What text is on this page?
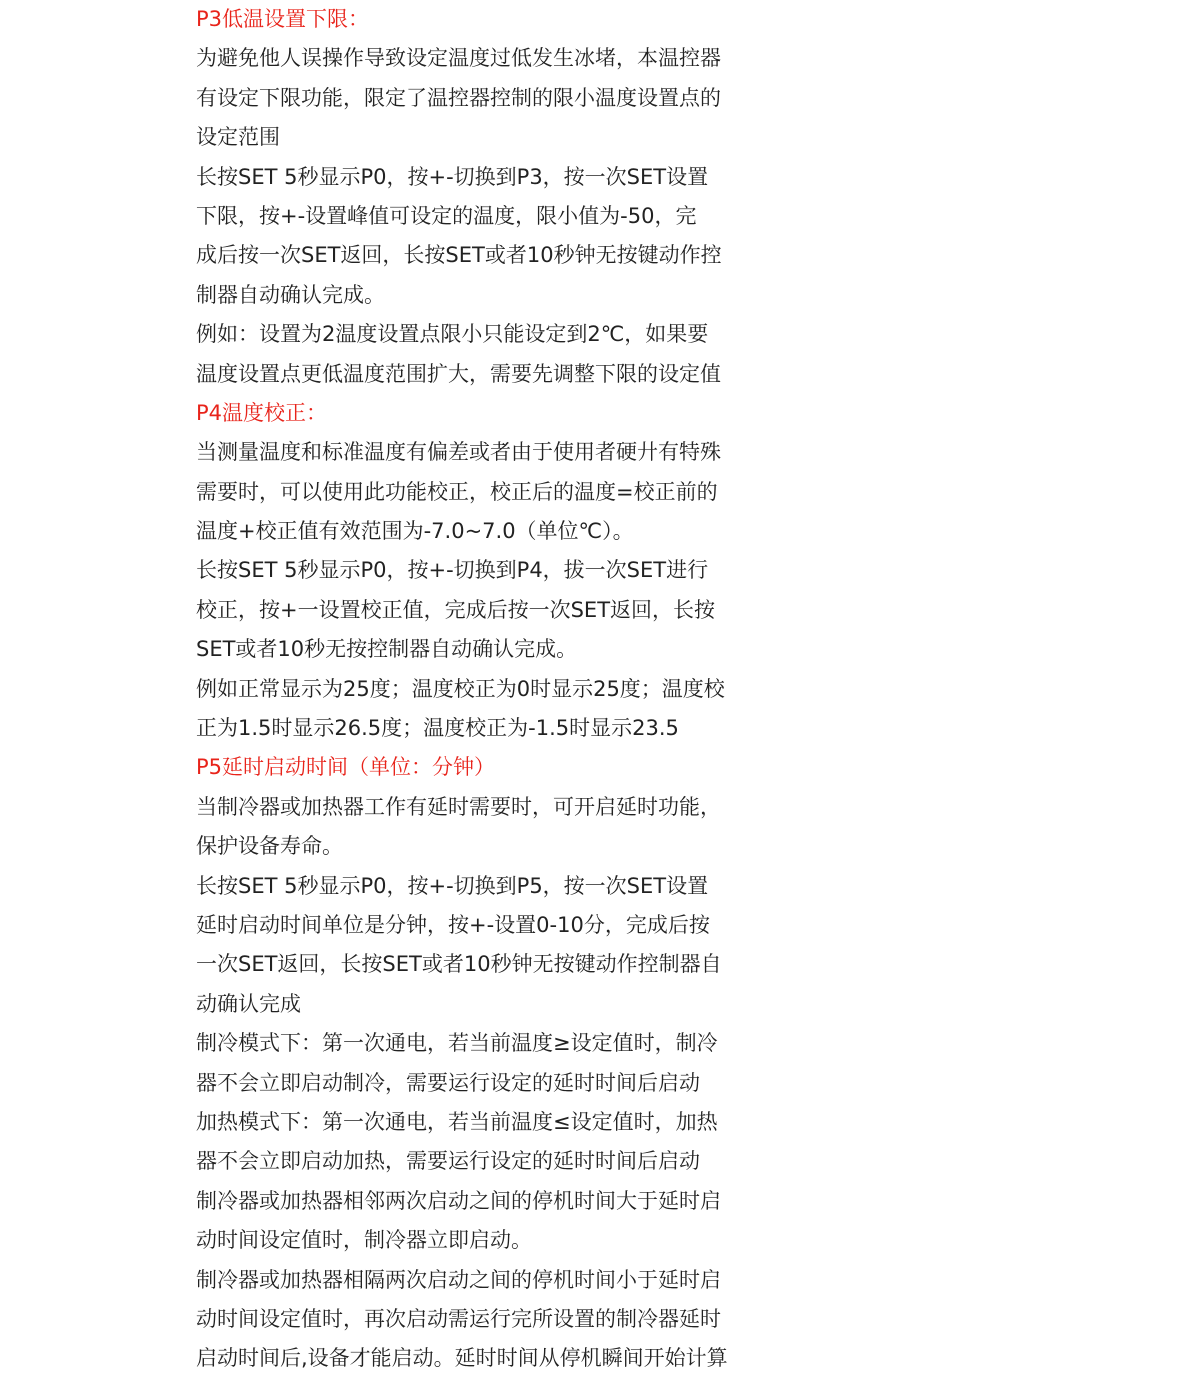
P3低温设置下限：
为避免他人误操作导致设定温度过低发生冰堵，本温控器
有设定下限功能，限定了温控器控制的限小温度设置点的
设定范围
长按SET 5秒显示P0，按+-切换到P3，按一次SET设置
下限，按+-设置峰值可设定的温度，限小值为-50，完
成后按一次SET返回，长按SET或者10秒钟无按键动作控
制器自动确认完成。
例如：设置为2温度设置点限小只能设定到2℃，如果要
温度设置点更低温度范围扩大，需要先调整下限的设定值
P4温度校正：
当测量温度和标准温度有偏差或者由于使用者硬廾有特殊
需要时，可以使用此功能校正，校正后的温度=校正前的
温度+校正值有效范围为-7.0~7.0（单位℃）。
长按SET 5秒显示P0，按+-切换到P4，拔一次SET进行
校正，按+一设置校正值，完成后按一次SET返回，长按
SET或者10秒无按控制器自动确认完成。
例如正常显示为25度；温度校正为0时显示25度；温度校
正为1.5时显示26.5度；温度校正为-1.5时显示23.5
P5延时启动时间（单位：分钟）
当制冷器或加热器工作有延时需要时，可开启延时功能，
保护设备寿命。
长按SET 5秒显示P0，按+-切换到P5，按一次SET设置
延时启动时间单位是分钟，按+-设置0-10分，完成后按
一次SET返回，长按SET或者10秒钟无按键动作控制器自
动确认完成
制冷模式下：第一次通电，若当前温度≥设定值时，制冷
器不会立即启动制冷，需要运行设定的延时时间后启动
加热模式下：第一次通电，若当前温度≤设定值时，加热
器不会立即启动加热，需要运行设定的延时时间后启动
制冷器或加热器相邻两次启动之间的停机时间大于延时启
动时间设定值时，制冷器立即启动。
制冷器或加热器相隔两次启动之间的停机时间小于延时启
动时间设定值时，再次启动需运行完所设置的制冷器延时
启动时间后,设备才能启动。延时时间从停机瞬间开始计算
